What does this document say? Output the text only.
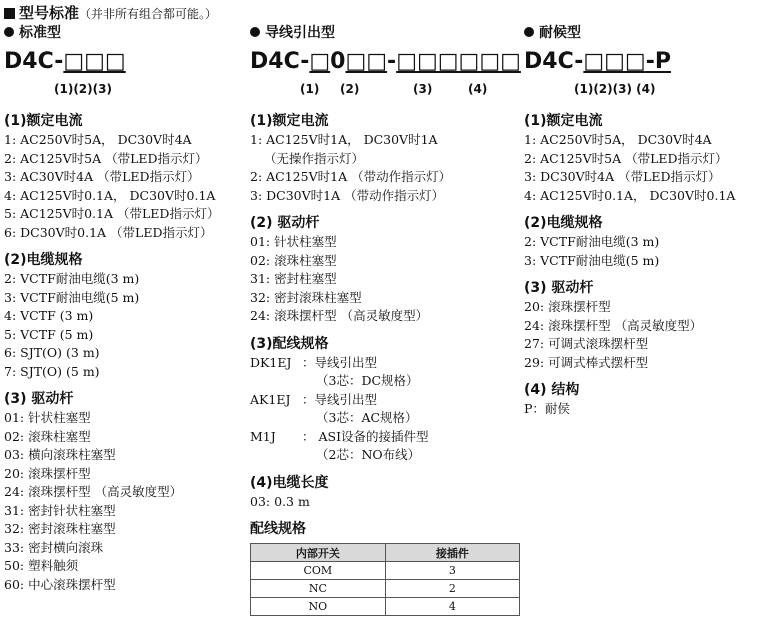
型号标准（并非所有组合都可能。）
标准型
D4C-□□□
(1)(2)(3)
(1)额定电流
1: AC250V时5A， DC30V时4A
2: AC125V时5A （带LED指示灯）
3: AC30V时4A （带LED指示灯）
4: AC125V时0.1A， DC30V时0.1A
5: AC125V时0.1A （带LED指示灯）
6: DC30V时0.1A （带LED指示灯）
(2)电缆规格
2: VCTF耐油电缆(3 m)
3: VCTF耐油电缆(5 m)
4: VCTF (3 m)
5: VCTF (5 m)
6: SJT(O) (3 m)
7: SJT(O) (5 m)
(3) 驱动杆
01: 针状柱塞型
02: 滚珠柱塞型
03: 横向滚珠柱塞型
20: 滚珠摆杆型
24: 滚珠摆杆型 （高灵敏度型）
31: 密封针状柱塞型
32: 密封滚珠柱塞型
33: 密封横向滚珠
50: 塑料触须
60: 中心滚珠摆杆型
导线引出型
D4C-□0□□-□□□□□□
(1) (2)	(3)	(4)
(1)额定电流
1: AC125V时1A， DC30V时1A
（无操作指示灯）
2: AC125V时1A （带动作指示灯）
3: DC30V时1A （带动作指示灯）
(2) 驱动杆
01: 针状柱塞型
02: 滚珠柱塞型
31: 密封柱塞型
32: 密封滚珠柱塞型
24: 滚珠摆杆型 （高灵敏度型）
(3)配线规格
DK1EJ ：导线引出型
（3芯：DC规格）
AK1EJ ：导线引出型
（3芯：AC规格）
M1J ： ASI设备的接插件型
（2芯：NO布线）
(4)电缆长度
03: 0.3 m
配线规格
内部开关	接插件
COM	3
NC	2
NO	4
耐候型
D4C-□□□-P
(1)(2)(3) (4)
(1)额定电流
1: AC250V时5A， DC30V时4A
2: AC125V时5A （带LED指示灯）
3: DC30V时4A （带LED指示灯）
4: AC125V时0.1A， DC30V时0.1A
(2)电缆规格
2: VCTF耐油电缆(3 m)
3: VCTF耐油电缆(5 m)
(3) 驱动杆
20: 滚珠摆杆型
24: 滚珠摆杆型 （高灵敏度型）
27: 可调式滚珠摆杆型
29: 可调式棒式摆杆型
(4) 结构
P：耐侯
